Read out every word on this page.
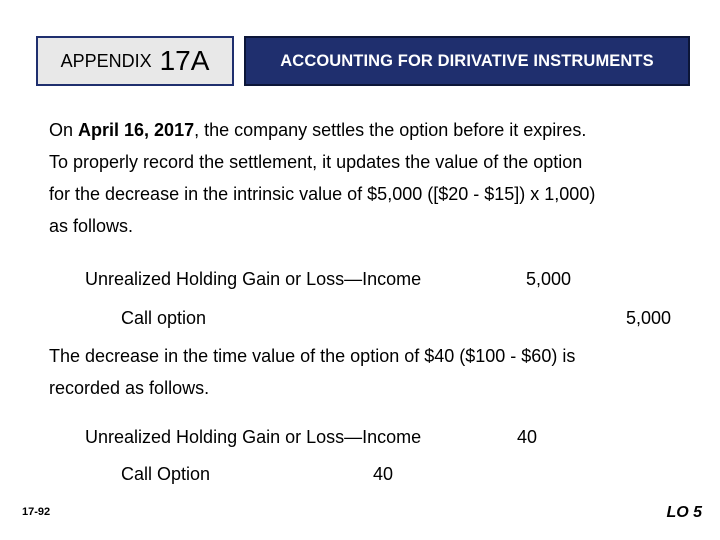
APPENDIX 17A	ACCOUNTING FOR DIRIVATIVE INSTRUMENTS
On April 16, 2017, the company settles the option before it expires.
To properly record the settlement, it updates the value of the option
for the decrease in the intrinsic value of $5,000 ([$20 - $15]) x 1,000)
as follows.
Unrealized Holding Gain or Loss—Income	5,000
Call option	5,000
The decrease in the time value of the option of $40 ($100 - $60) is
recorded as follows.
Unrealized Holding Gain or Loss—Income	40
Call Option	40
17-92	LO 5
